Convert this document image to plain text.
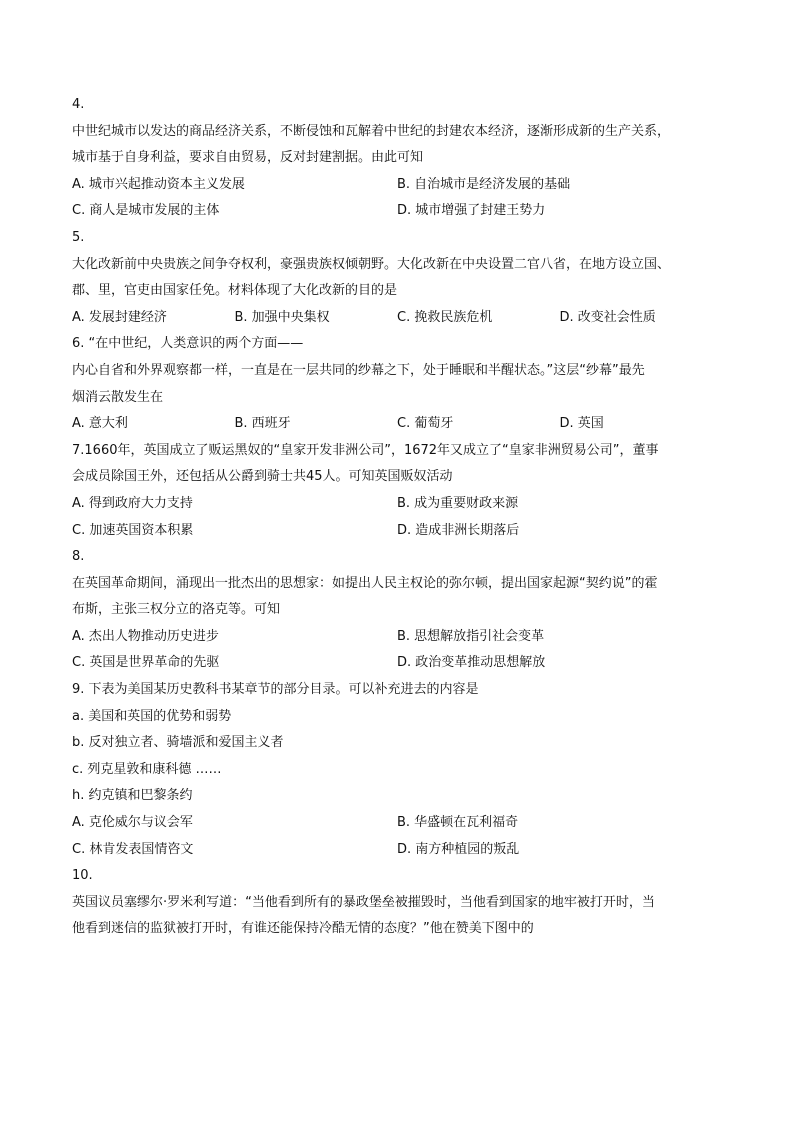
4.
中世纪城市以发达的商品经济关系，不断侵蚀和瓦解着中世纪的封建农本经济，逐渐形成新的生产关系，
城市基于自身利益，要求自由贸易，反对封建割据。由此可知
A. 城市兴起推动资本主义发展	B. 自治城市是经济发展的基础
C. 商人是城市发展的主体	D. 城市增强了封建王势力
5.
大化改新前中央贵族之间争夺权利，豪强贵族权倾朝野。大化改新在中央设置二官八省，在地方设立国、
郡、里，官吏由国家任免。材料体现了大化改新的目的是
A. 发展封建经济	B. 加强中央集权	C. 挽救民族危机	D. 改变社会性质
6. “在中世纪，人类意识的两个方面——
内心自省和外界观察都一样，一直是在一层共同的纱幕之下，处于睡眠和半醒状态。”这层“纱幕”最先
烟消云散发生在
A. 意大利	B. 西班牙	C. 葡萄牙	D. 英国
7.1660年，英国成立了贩运黑奴的“皇家开发非洲公司”，1672年又成立了“皇家非洲贸易公司”，董事
会成员除国王外，还包括从公爵到骑士共45人。可知英国贩奴活动
A. 得到政府大力支持	B. 成为重要财政来源
C. 加速英国资本积累	D. 造成非洲长期落后
8.
在英国革命期间，涌现出一批杰出的思想家：如提出人民主权论的弥尔顿，提出国家起源“契约说”的霍
布斯，主张三权分立的洛克等。可知
A. 杰出人物推动历史进步	B. 思想解放指引社会变革
C. 英国是世界革命的先驱	D. 政治变革推动思想解放
9. 下表为美国某历史教科书某章节的部分目录。可以补充进去的内容是
a. 美国和英国的优势和弱势
b. 反对独立者、骑墙派和爱国主义者
c. 列克星敦和康科德 ……
h. 约克镇和巴黎条约
A. 克伦威尔与议会军	B. 华盛顿在瓦利福奇
C. 林肯发表国情咨文	D. 南方种植园的叛乱
10.
英国议员塞缪尔·罗米利写道：“当他看到所有的暴政堡垒被摧毁时，当他看到国家的地牢被打开时，当
他看到迷信的监狱被打开时，有谁还能保持冷酷无情的态度？”他在赞美下图中的
